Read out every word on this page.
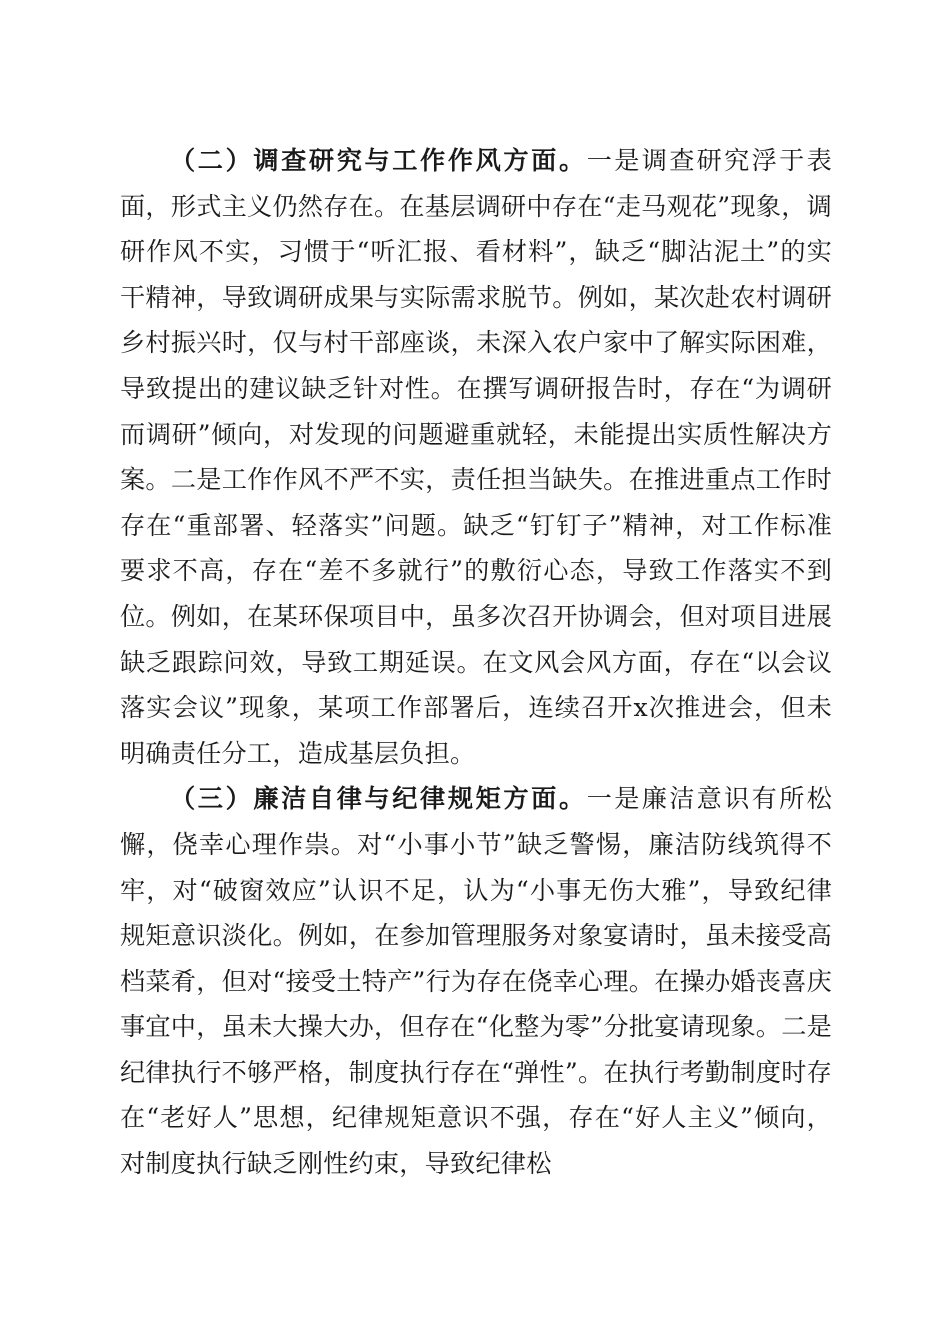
（二）调查研究与工作作风方面。一是调查研究浮于表面，形式主义仍然存在。在基层调研中存在“走马观花”现象，调研作风不实，习惯于“听汇报、看材料”，缺乏“脚沾泥土”的实干精神，导致调研成果与实际需求脱节。例如，某次赴农村调研乡村振兴时，仅与村干部座谈，未深入农户家中了解实际困难，导致提出的建议缺乏针对性。在撰写调研报告时，存在“为调研而调研”倾向，对发现的问题避重就轻，未能提出实质性解决方案。二是工作作风不严不实，责任担当缺失。在推进重点工作时存在“重部署、轻落实”问题。缺乏“钉钉子”精神，对工作标准要求不高，存在“差不多就行”的敷衍心态，导致工作落实不到位。例如，在某环保项目中，虽多次召开协调会，但对项目进展缺乏跟踪问效，导致工期延误。在文风会风方面，存在“以会议落实会议”现象，某项工作部署后，连续召开x次推进会，但未明确责任分工，造成基层负担。

（三）廉洁自律与纪律规矩方面。一是廉洁意识有所松懈，侥幸心理作祟。对“小事小节”缺乏警惕，廉洁防线筑得不牢，对“破窗效应”认识不足，认为“小事无伤大雅”，导致纪律规矩意识淡化。例如，在参加管理服务对象宴请时，虽未接受高档菜肴，但对“接受土特产”行为存在侥幸心理。在操办婚丧喜庆事宜中，虽未大操大办，但存在“化整为零”分批宴请现象。二是纪律执行不够严格，制度执行存在“弹性”。在执行考勤制度时存在“老好人”思想，纪律规矩意识不强，存在“好人主义”倾向，对制度执行缺乏刚性约束，导致纪律松
